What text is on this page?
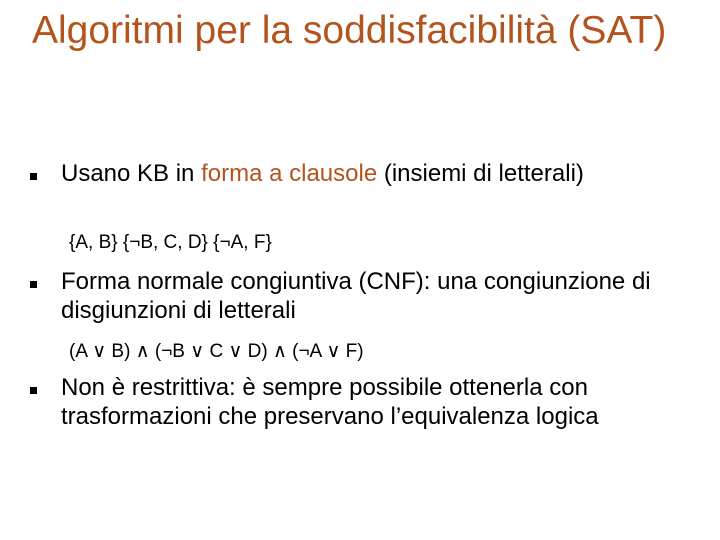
Algoritmi per la soddisfacibilità (SAT)
Usano KB in forma a clausole (insiemi di letterali)
{A, B} {¬B, C, D} {¬A, F}
Forma normale congiuntiva (CNF): una congiunzione di disgiunzioni di letterali
(A ∨ B) ∧ (¬B ∨ C ∨ D) ∧ (¬A ∨ F)
Non è restrittiva: è sempre possibile ottenerla con trasformazioni che preservano l’equivalenza logica
